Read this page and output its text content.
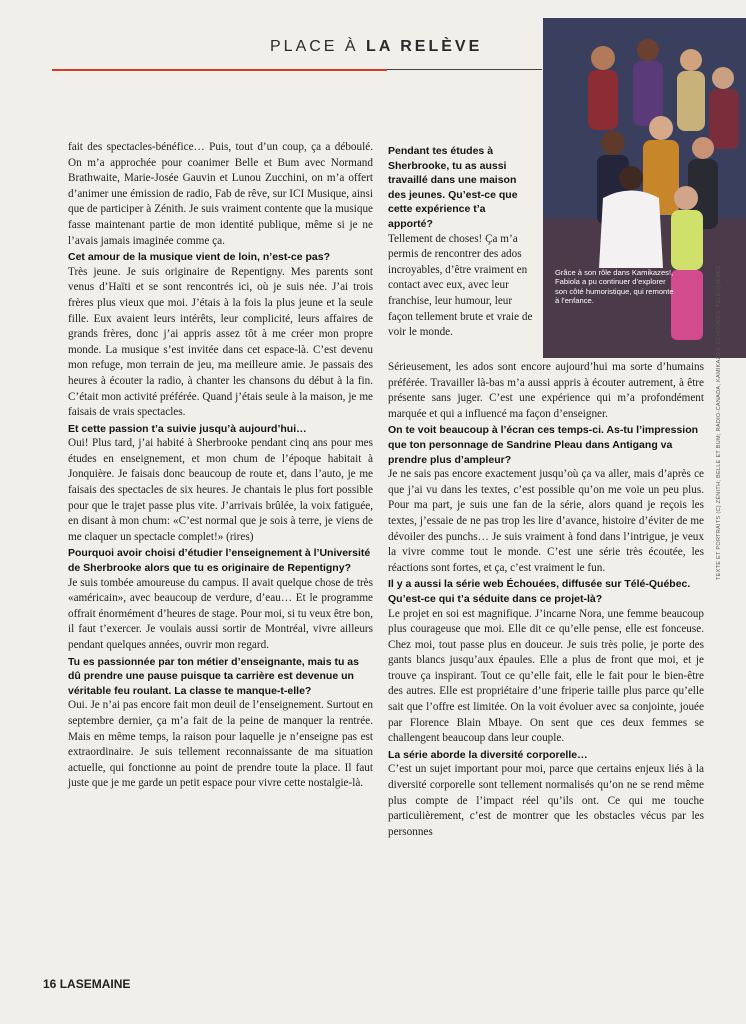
PLACE À LA RELÈVE
Grâce à son rôle dans Kamikazes!, Fabiola a pu continuer d’explorer son côté humoristique, qui remonte à l’enfance.

fait des spectacles-bénéfice… Puis, tout d’un coup, ça a déboulé. On m’a approchée pour coanimer Belle et Bum avec Normand Brathwaite, Marie-Josée Gauvin et Lunou Zucchini, on m’a offert d’animer une émission de radio, Fab de rêve, sur ICI Musique, ainsi que de participer à Zénith. Je suis vraiment contente que la musique fasse maintenant partie de mon identité publique, même si je ne l’avais jamais imaginée comme ça.

Cet amour de la musique vient de loin, n’est-ce pas?

Très jeune. Je suis originaire de Repentigny. Mes parents sont venus d’Haïti et se sont rencontrés ici, où je suis née. J’ai trois frères plus vieux que moi. J’étais à la fois la plus jeune et la seule fille. Eux avaient leurs intérêts, leur complicité, leurs affaires de grands frères, donc j’ai appris assez tôt à me créer mon propre monde. La musique s’est invitée dans cet espace-là. C’est devenu mon refuge, mon terrain de jeu, ma meilleure amie. Je passais des heures à écouter la radio, à chanter les chansons du début à la fin. C’était mon activité préférée. Quand j’étais seule à la maison, je me faisais de vrais spectacles.

Et cette passion t’a suivie jusqu’à aujourd’hui…

Oui! Plus tard, j’ai habité à Sherbrooke pendant cinq ans pour mes études en enseignement, et mon chum de l’époque habitait à Jonquière. Je faisais donc beaucoup de route et, dans l’auto, je me faisais des spectacles de six heures. Je chantais le plus fort possible pour que le trajet passe plus vite. J’arrivais brûlée, la voix fatiguée, en disant à mon chum: «C’est normal que je sois à terre, je viens de me claquer un spectacle complet!» (rires)

Pourquoi avoir choisi d’étudier l’enseignement à l’Université de Sherbrooke alors que tu es originaire de Repentigny?

Je suis tombée amoureuse du campus. Il avait quelque chose de très «américain», avec beaucoup de verdure, d’eau… Et le programme offrait énormément d’heures de stage. Pour moi, si tu veux être bon, il faut t’exercer. Je voulais aussi sortir de Montréal, vivre ailleurs pendant quelques années, ouvrir mon regard.

Tu es passionnée par ton métier d’enseignante, mais tu as dû prendre une pause puisque ta carrière est devenue un véritable feu roulant. La classe te manque-t-elle?

Oui. Je n’ai pas encore fait mon deuil de l’enseignement. Surtout en septembre dernier, ça m’a fait de la peine de manquer la rentrée. Mais en même temps, la raison pour laquelle je n’enseigne pas est extraordinaire. Je suis tellement reconnaissante de ma situation actuelle, qui fonctionne au point de prendre toute la place. Il faut juste que je me garde un petit espace pour vivre cette nostalgie-là.

Pendant tes études à Sherbrooke, tu as aussi travaillé dans une maison des jeunes. Qu’est-ce que cette expérience t’a apporté?

Tellement de choses! Ça m’a permis de rencontrer des ados incroyables, d’être vraiment en contact avec eux, avec leur franchise, leur humour, leur façon tellement brute et vraie de voir le monde.

Sérieusement, les ados sont encore aujourd’hui ma sorte d’humains préférée. Travailler là-bas m’a aussi appris à écouter autrement, à être présente sans juger. C’est une expérience qui m’a profondément marquée et qui a influencé ma façon d’enseigner.

On te voit beaucoup à l’écran ces temps-ci. As-tu l’impression que ton personnage de Sandrine Pleau dans Antigang va prendre plus d’ampleur?

Je ne sais pas encore exactement jusqu’où ça va aller, mais d’après ce que j’ai vu dans les textes, c’est possible qu’on me voie un peu plus. Pour ma part, je suis une fan de la série, alors quand je reçois les textes, j’essaie de ne pas trop les lire d’avance, histoire d’éviter de me dévoiler des punchs… Je suis vraiment à fond dans l’intrigue, je veux la vivre comme tout le monde. C’est une série très écoutée, les réactions sont fortes, et ça, c’est vraiment le fun.

Il y a aussi la série web Échouées, diffusée sur Télé-Québec. Qu’est-ce qui t’a séduite dans ce projet-là?

Le projet en soi est magnifique. J’incarne Nora, une femme beaucoup plus courageuse que moi. Elle dit ce qu’elle pense, elle est fonceuse. Chez moi, tout passe plus en douceur. Je suis très polie, je porte des gants blancs jusqu’aux épaules. Elle a plus de front que moi, et je trouve ça inspirant. Tout ce qu’elle fait, elle le fait pour le bien-être des autres. Elle est propriétaire d’une friperie taille plus parce qu’elle sait que l’offre est limitée. On la voit évoluer avec sa conjointe, jouée par Florence Blain Mbaye. On sent que ces deux femmes se challengent beaucoup dans leur couple.

La série aborde la diversité corporelle…

C’est un sujet important pour moi, parce que certains enjeux liés à la diversité corporelle sont tellement normalisés qu’on ne se rend même plus compte de l’impact réel qu’ils ont. Ce qui me touche particulièrement, c’est de montrer que les obstacles vécus par les personnes

16 LASEMAINE
TEXTE ET PORTRAITS (C) ZÉNITH; BELLE ET BUM; RADIO-CANADA; KAMIKAZES; ÉCHOUÉES: TÉLÉ-QUÉBEC
